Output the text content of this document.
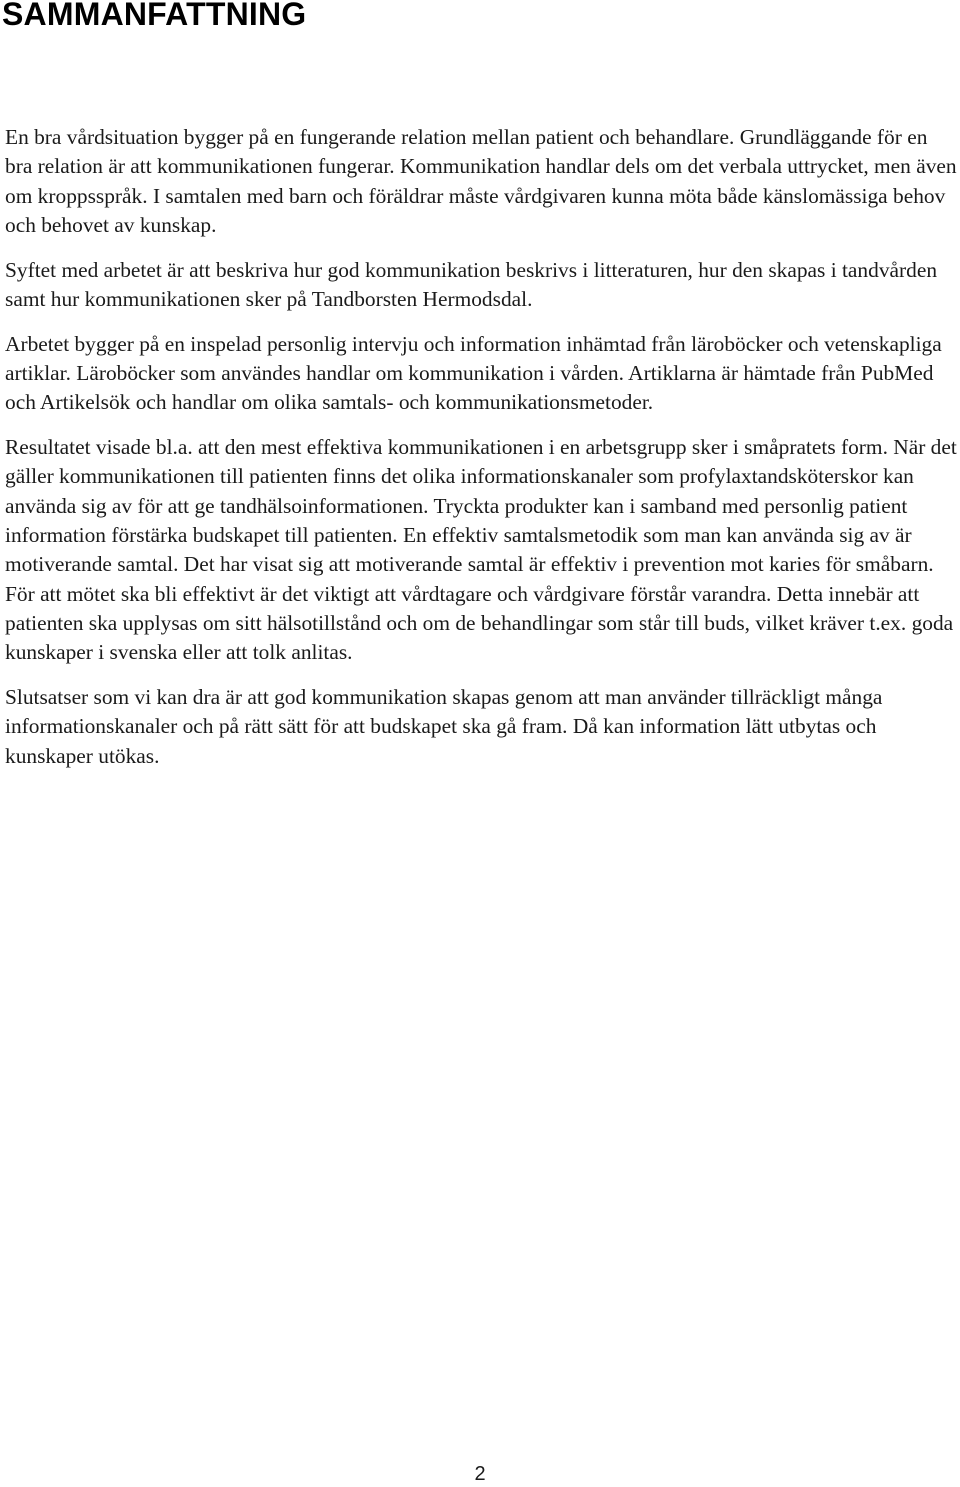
SAMMANFATTNING

En bra vårdsituation bygger på en fungerande relation mellan patient och behandlare. Grundläggande för en bra relation är att kommunikationen fungerar. Kommunikation handlar dels om det verbala uttrycket, men även om kroppsspråk. I samtalen med barn och föräldrar måste vårdgivaren kunna möta både känslomässiga behov och behovet av kunskap.

Syftet med arbetet är att beskriva hur god kommunikation beskrivs i litteraturen, hur den skapas i tandvården samt hur kommunikationen sker på Tandborsten Hermodsdal.

Arbetet bygger på en inspelad personlig intervju och information inhämtad från läroböcker och vetenskapliga artiklar. Läroböcker som användes handlar om kommunikation i vården. Artiklarna är hämtade från PubMed och Artikelsök och handlar om olika samtals- och kommunikationsmetoder.

Resultatet visade bl.a. att den mest effektiva kommunikationen i en arbetsgrupp sker i småpratets form. När det gäller kommunikationen till patienten finns det olika informationskanaler som profylaxtandsköterskor kan använda sig av för att ge tandhälsoinformationen. Tryckta produkter kan i samband med personlig patient information förstärka budskapet till patienten. En effektiv samtalsmetodik som man kan använda sig av är motiverande samtal. Det har visat sig att motiverande samtal är effektiv i prevention mot karies för småbarn. För att mötet ska bli effektivt är det viktigt att vårdtagare och vårdgivare förstår varandra. Detta innebär att patienten ska upplysas om sitt hälsotillstånd och om de behandlingar som står till buds, vilket kräver t.ex. goda kunskaper i svenska eller att tolk anlitas.

Slutsatser som vi kan dra är att god kommunikation skapas genom att man använder tillräckligt många informationskanaler och på rätt sätt för att budskapet ska gå fram. Då kan information lätt utbytas och kunskaper utökas.

2
